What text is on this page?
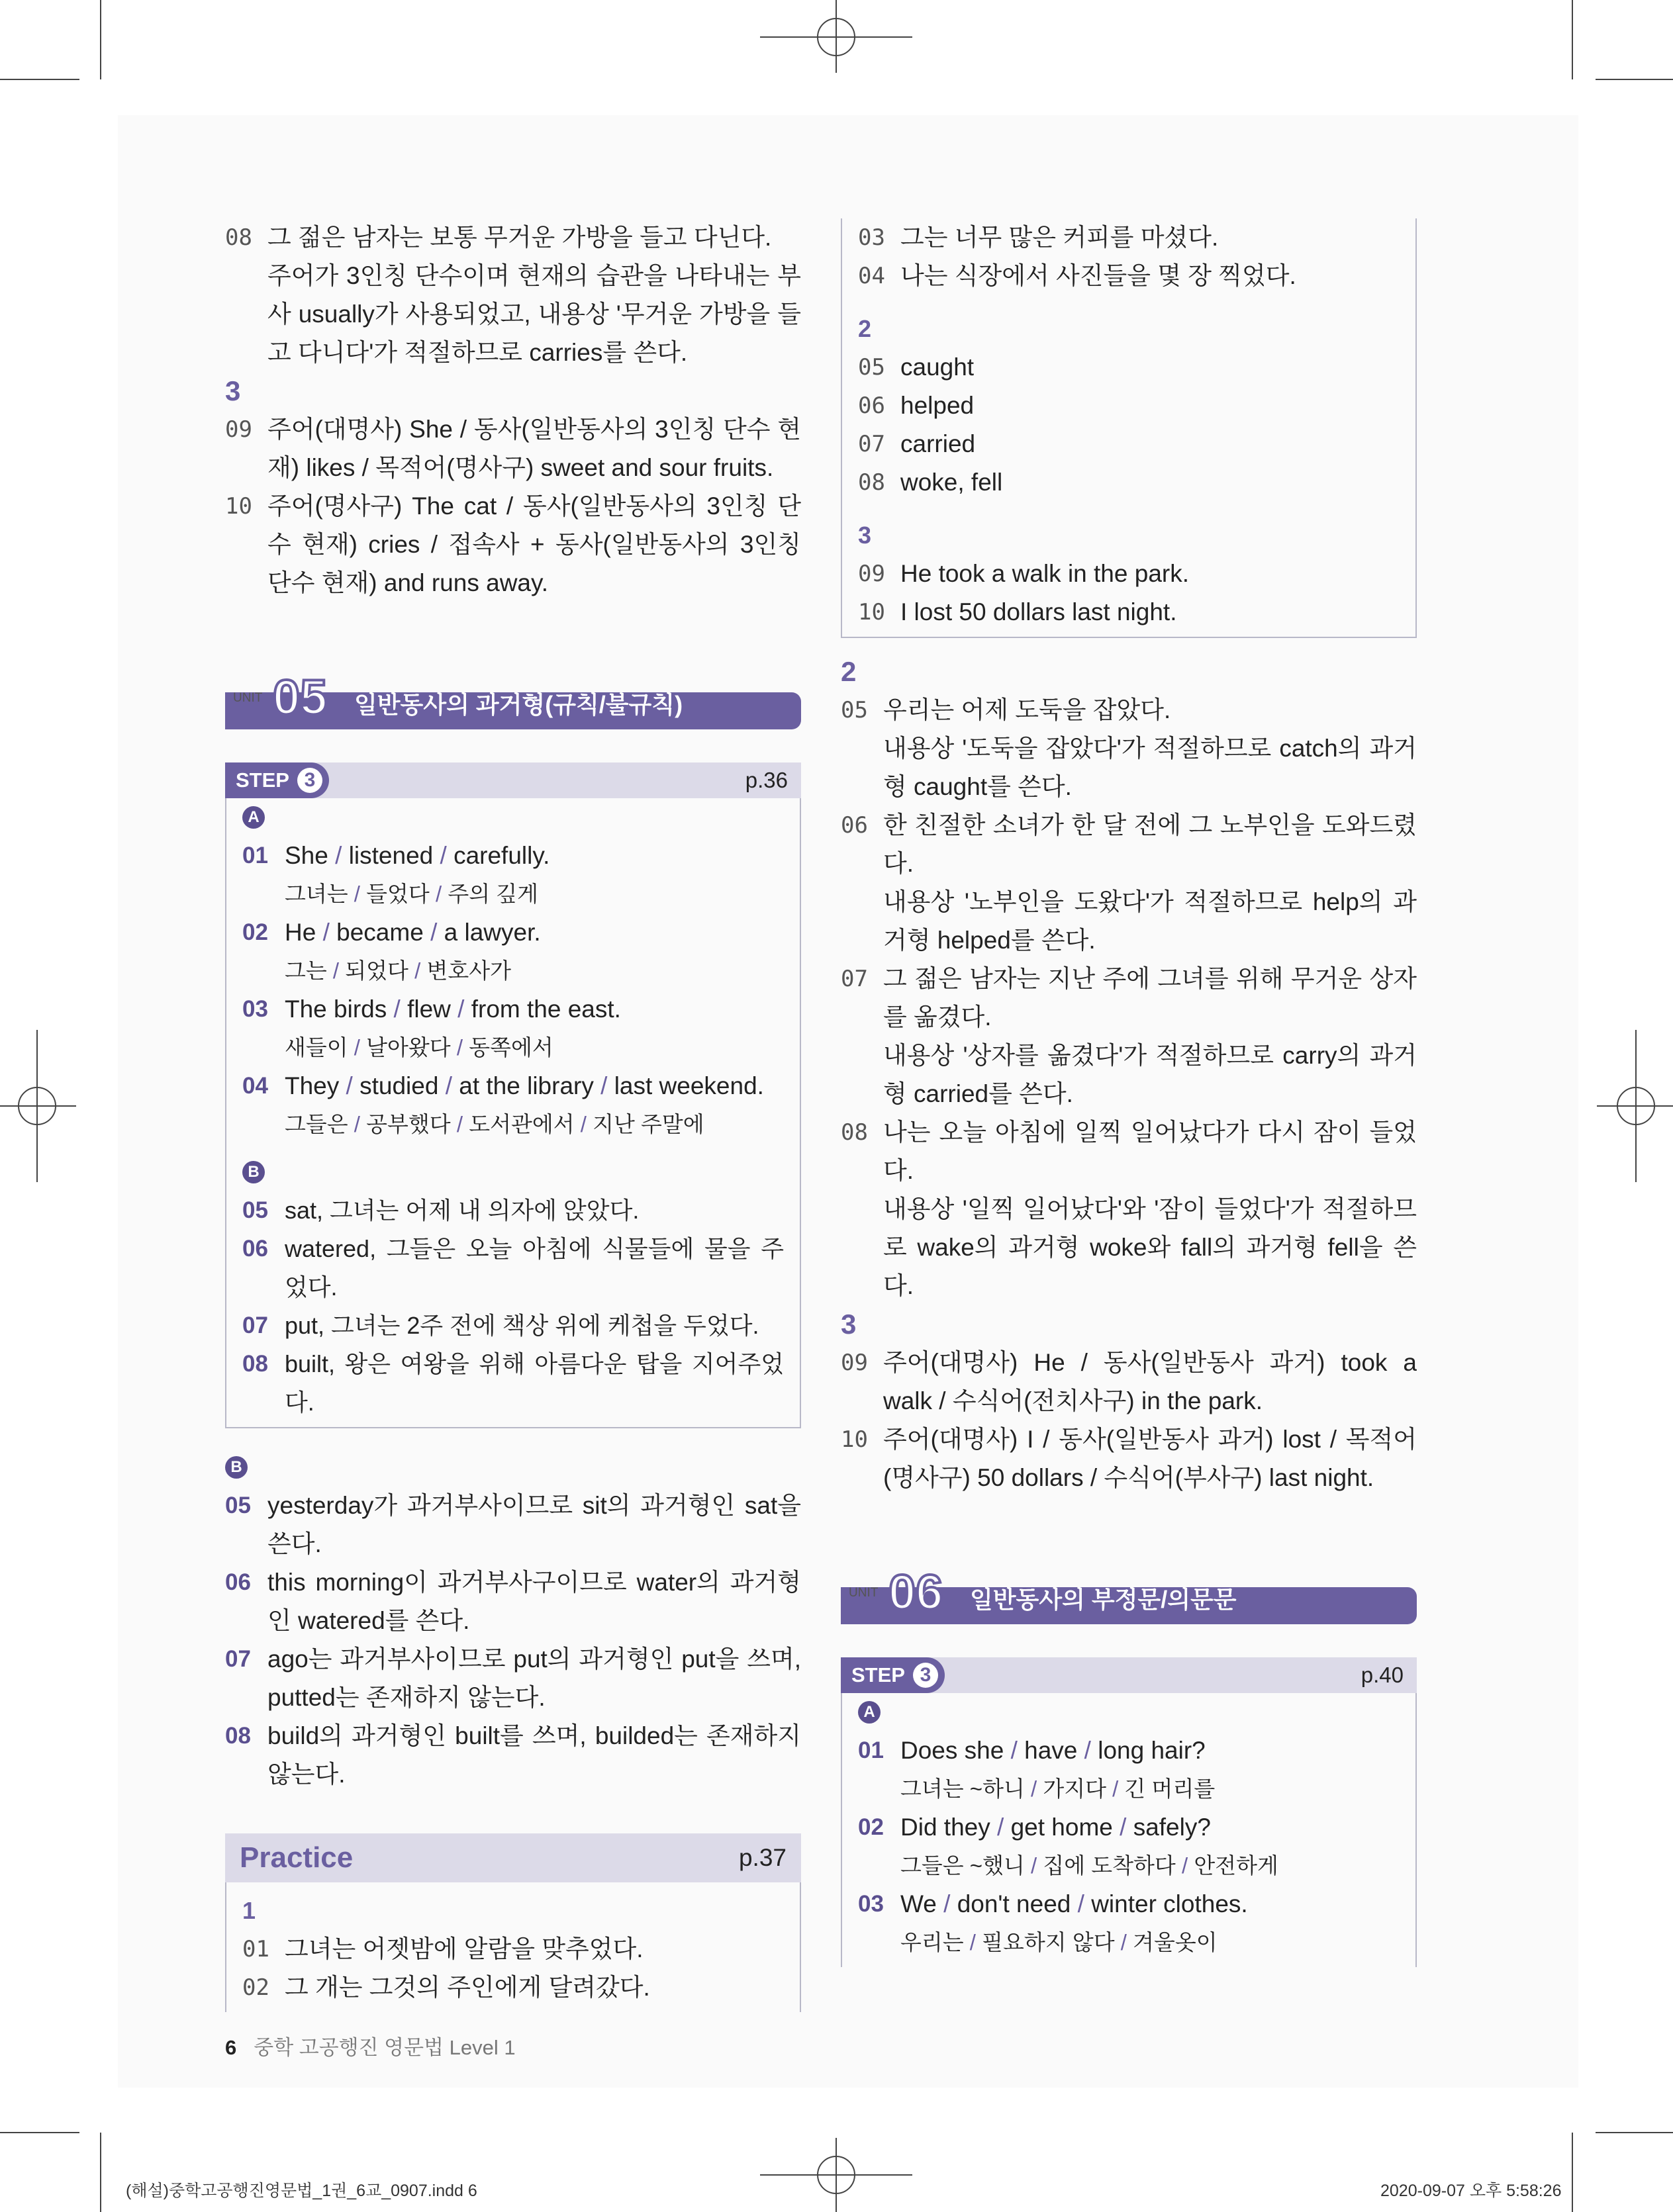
08 그 젊은 남자는 보통 무거운 가방을 들고 다닌다.
주어가 3인칭 단수이며 현재의 습관을 나타내는 부사 usually가 사용되었고, 내용상 '무거운 가방을 들고 다니다'가 적절하므로 carries를 쓴다.
3
09 주어(대명사) She / 동사(일반동사의 3인칭 단수 현재) likes / 목적어(명사구) sweet and sour fruits.
10 주어(명사구) The cat / 동사(일반동사의 3인칭 단수 현재) cries / 접속사 + 동사(일반동사의 3인칭 단수 현재) and runs away.
UNIT 05 일반동사의 과거형(규칙/불규칙)
STEP 3	p.36
A
01 She / listened / carefully.
그녀는 / 들었다 / 주의 깊게
02 He / became / a lawyer.
그는 / 되었다 / 변호사가
03 The birds / flew / from the east.
새들이 / 날아왔다 / 동쪽에서
04 They / studied / at the library / last weekend.
그들은 / 공부했다 / 도서관에서 / 지난 주말에
B
05 sat, 그녀는 어제 내 의자에 앉았다.
06 watered, 그들은 오늘 아침에 식물들에 물을 주었다.
07 put, 그녀는 2주 전에 책상 위에 케첩을 두었다.
08 built, 왕은 여왕을 위해 아름다운 탑을 지어주었다.
B
05 yesterday가 과거부사이므로 sit의 과거형인 sat을 쓴다.
06 this morning이 과거부사구이므로 water의 과거형인 watered를 쓴다.
07 ago는 과거부사이므로 put의 과거형인 put을 쓰며, putted는 존재하지 않는다.
08 build의 과거형인 built를 쓰며, builded는 존재하지 않는다.
Practice	p.37
1
01 그녀는 어젯밤에 알람을 맞추었다.
02 그 개는 그것의 주인에게 달려갔다.
03 그는 너무 많은 커피를 마셨다.
04 나는 식장에서 사진들을 몇 장 찍었다.
2
05 caught
06 helped
07 carried
08 woke, fell
3
09 He took a walk in the park.
10 I lost 50 dollars last night.
2
05 우리는 어제 도둑을 잡았다.
내용상 '도둑을 잡았다'가 적절하므로 catch의 과거형 caught를 쓴다.
06 한 친절한 소녀가 한 달 전에 그 노부인을 도와드렸다.
내용상 '노부인을 도왔다'가 적절하므로 help의 과거형 helped를 쓴다.
07 그 젊은 남자는 지난 주에 그녀를 위해 무거운 상자를 옮겼다.
내용상 '상자를 옮겼다'가 적절하므로 carry의 과거형 carried를 쓴다.
08 나는 오늘 아침에 일찍 일어났다가 다시 잠이 들었다.
내용상 '일찍 일어났다'와 '잠이 들었다'가 적절하므로 wake의 과거형 woke와 fall의 과거형 fell을 쓴다.
3
09 주어(대명사) He / 동사(일반동사 과거) took a walk / 수식어(전치사구) in the park.
10 주어(대명사) I / 동사(일반동사 과거) lost / 목적어(명사구) 50 dollars / 수식어(부사구) last night.
UNIT 06 일반동사의 부정문/의문문
STEP 3	p.40
A
01 Does she / have / long hair?
그녀는 ~하니 / 가지다 / 긴 머리를
02 Did they / get home / safely?
그들은 ~했니 / 집에 도착하다 / 안전하게
03 We / don't need / winter clothes.
우리는 / 필요하지 않다 / 겨울옷이
6 중학 고공행진 영문법 Level 1
(해설)중학고공행진영문법_1권_6교_0907.indd 6	2020-09-07 오후 5:58:26
